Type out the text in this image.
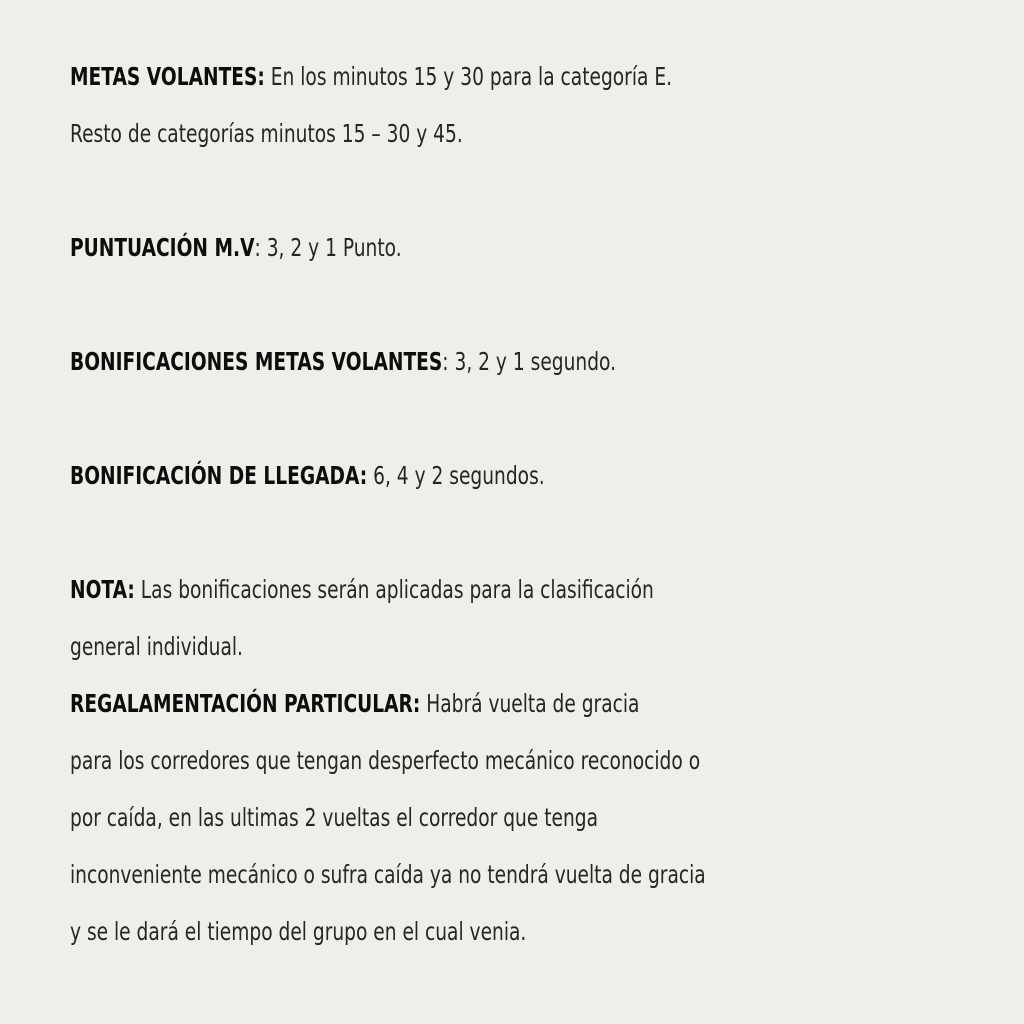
METAS VOLANTES: En los minutos 15 y 30 para la categoría E.

Resto de categorías minutos 15 – 30 y 45.

PUNTUACIÓN M.V: 3, 2 y 1 Punto.

BONIFICACIONES METAS VOLANTES: 3, 2 y 1 segundo.

BONIFICACIÓN DE LLEGADA: 6, 4 y 2 segundos.

NOTA: Las bonificaciones serán aplicadas para la clasificación

general individual.

REGALAMENTACIÓN PARTICULAR: Habrá vuelta de gracia

para los corredores que tengan desperfecto mecánico reconocido o

por caída, en las ultimas 2 vueltas el corredor que tenga

inconveniente mecánico o sufra caída ya no tendrá vuelta de gracia

y se le dará el tiempo del grupo en el cual venia.
